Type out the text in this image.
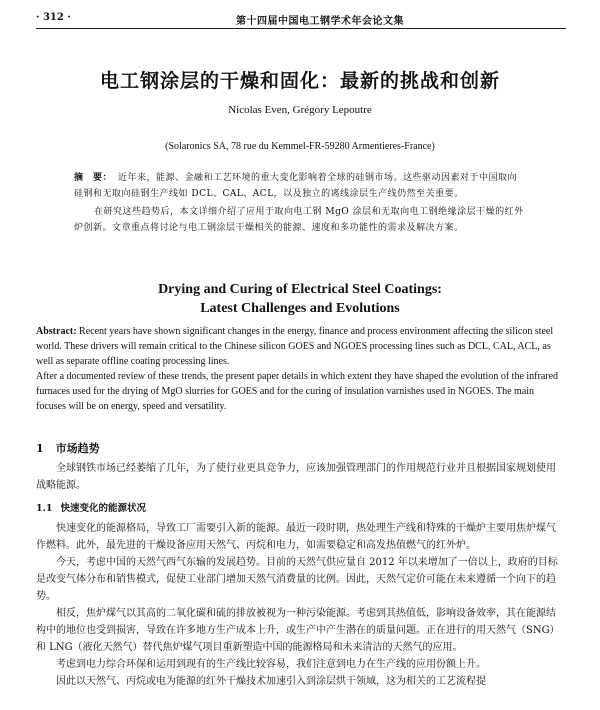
· 312 ·	第十四届中国电工钢学术年会论文集
电工钢涂层的干燥和固化：最新的挑战和创新
Nicolas Even, Grégory Lepoutre
(Solaronics SA, 78 rue du Kemmel-FR-59280 Armentieres-France)

摘　要： 近年来，能源、金融和工艺环境的重大变化影响着全球的硅钢市场。这些驱动因素对于中国取向硅钢和无取向硅钢生产线如 DCL、CAL、ACL，以及独立的离线涂层生产线仍然至关重要。

在研究这些趋势后，本文详细介绍了应用于取向电工钢 MgO 涂层和无取向电工钢绝缘涂层干燥的红外炉创新。文章重点将讨论与电工钢涂层干燥相关的能源、速度和多功能性的需求及解决方案。

Drying and Curing of Electrical Steel Coatings:
Latest Challenges and Evolutions

Abstract: Recent years have shown significant changes in the energy, finance and process environment affecting the silicon steel world. These drivers will remain critical to the Chinese silicon GOES and NGOES processing lines such as DCL, CAL, ACL, as well as separate offline coating processing lines.

After a documented review of these trends, the present paper details in which extent they have shaped the evolution of the infrared furnaces used for the drying of MgO slurries for GOES and for the curing of insulation varnishes used in NGOES. The main focuses will be on energy, speed and versatility.

1 市场趋势

全球钢铁市场已经萎缩了几年，为了使行业更具竞争力，应该加强管理部门的作用规范行业并且根据国家规划使用战略能源。

1.1 快速变化的能源状况

快速变化的能源格局，导致工厂需要引入新的能源。最近一段时期，热处理生产线和特殊的干燥炉主要用焦炉煤气作燃料。此外，最先进的干燥设备应用天然气、丙烷和电力，如需要稳定和高发热值燃气的红外炉。

今天，考虑中国的天然气西气东输的发展趋势。目前的天然气供应量自 2012 年以来增加了一倍以上，政府的目标是改变气体分布和销售模式，促使工业部门增加天然气消费量的比例。因此，天然气定价可能在未来遵循一个向下的趋势。

相反，焦炉煤气以其高的二氧化碳和硫的排放被视为一种污染能源。考虑到其热值低，影响设备效率，其在能源结构中的地位也受到损害，导致在许多地方生产成本上升，或生产中产生潜在的质量问题。正在进行的用天然气（SNG）和 LNG（液化天然气）替代焦炉煤气项目重新塑造中国的能源格局和未来清洁的天然气的应用。

考虑到电力综合环保和运用到现有的生产线比较容易，我们注意到电力在生产线的应用份额上升。

因此以天然气、丙烷或电为能源的红外干燥技术加速引入到涂层烘干领域，这为相关的工艺流程提
